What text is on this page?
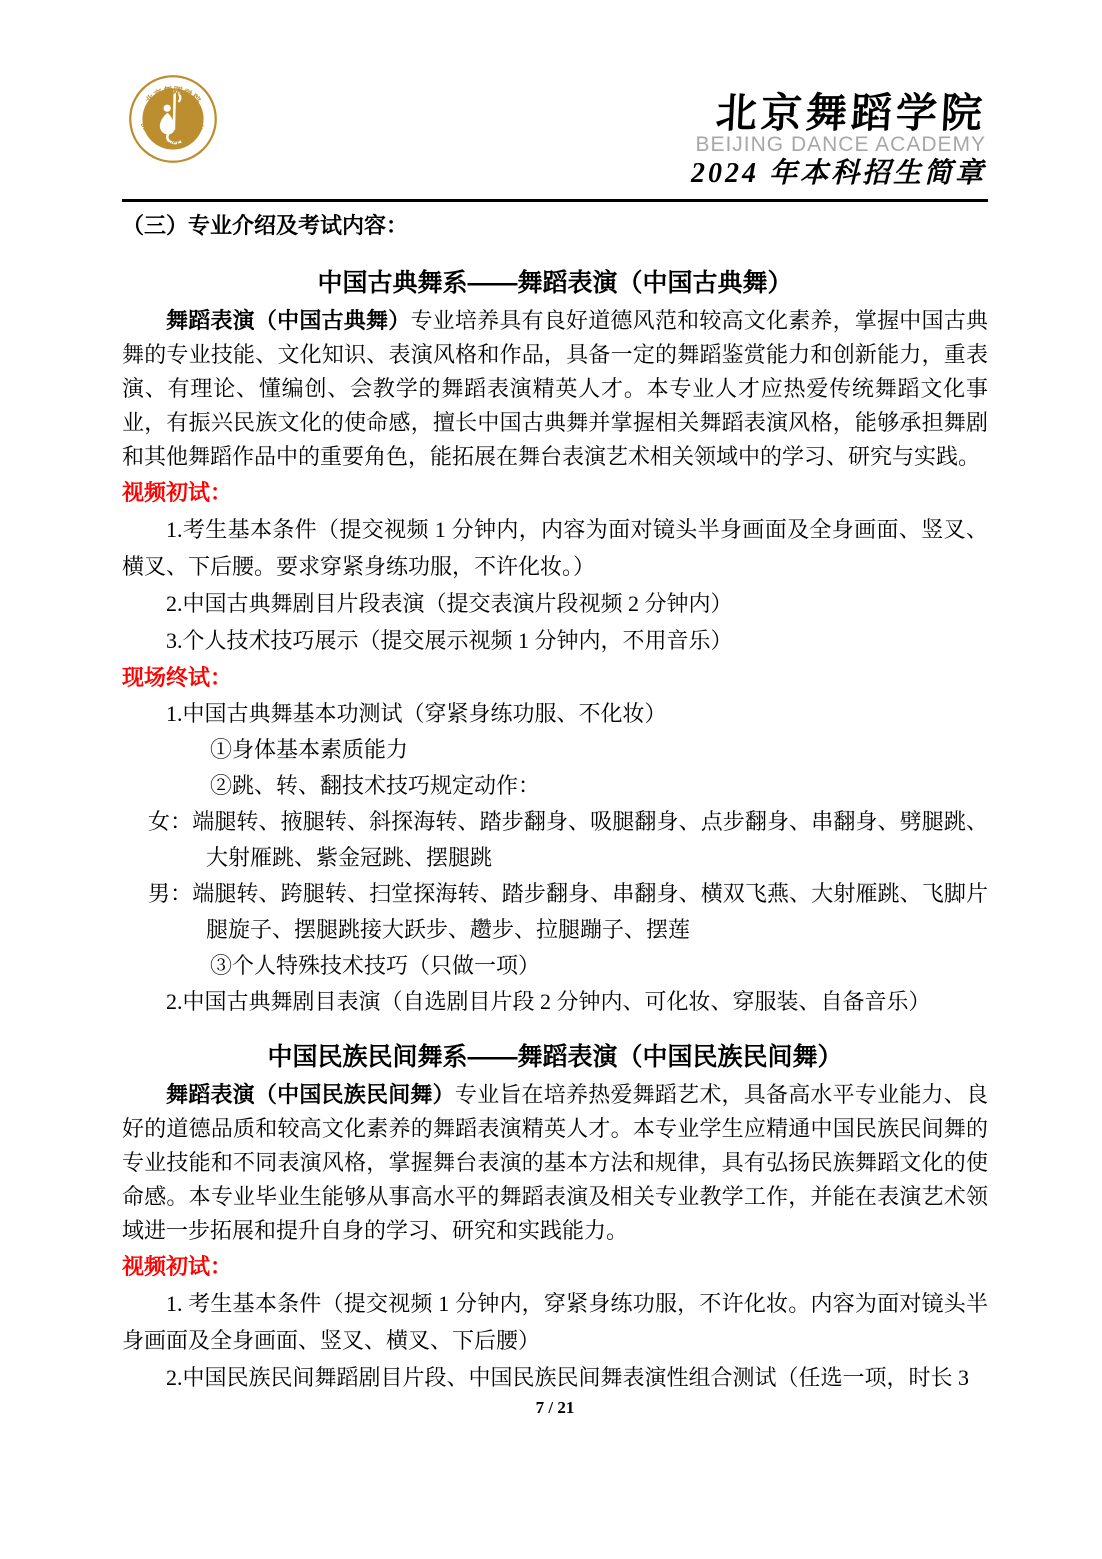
北京舞蹈学院
BEIJING DANCE ACADEMY	北京舞蹈学院
BEIJING DANCE ACADEMY
2024 年本科招生简章
（三）专业介绍及考试内容：
中国古典舞系——舞蹈表演（中国古典舞）

舞蹈表演（中国古典舞）专业培养具有良好道德风范和较高文化素养，掌握中国古典舞的专业技能、文化知识、表演风格和作品，具备一定的舞蹈鉴赏能力和创新能力，重表演、有理论、懂编创、会教学的舞蹈表演精英人才。本专业人才应热爱传统舞蹈文化事业，有振兴民族文化的使命感，擅长中国古典舞并掌握相关舞蹈表演风格，能够承担舞剧和其他舞蹈作品中的重要角色，能拓展在舞台表演艺术相关领域中的学习、研究与实践。

视频初试：

1.考生基本条件（提交视频 1 分钟内，内容为面对镜头半身画面及全身画面、竖叉、横叉、下后腰。要求穿紧身练功服，不许化妆。）

2.中国古典舞剧目片段表演（提交表演片段视频 2 分钟内）

3.个人技术技巧展示（提交展示视频 1 分钟内，不用音乐）

现场终试：

1.中国古典舞基本功测试（穿紧身练功服、不化妆）

①身体基本素质能力

②跳、转、翻技术技巧规定动作：

女：端腿转、掖腿转、斜探海转、踏步翻身、吸腿翻身、点步翻身、串翻身、劈腿跳、大射雁跳、紫金冠跳、摆腿跳

男：端腿转、跨腿转、扫堂探海转、踏步翻身、串翻身、横双飞燕、大射雁跳、飞脚片腿旋子、摆腿跳接大跃步、趱步、拉腿蹦子、摆莲

③个人特殊技术技巧（只做一项）

2.中国古典舞剧目表演（自选剧目片段 2 分钟内、可化妆、穿服装、自备音乐）

中国民族民间舞系——舞蹈表演（中国民族民间舞）

舞蹈表演（中国民族民间舞）专业旨在培养热爱舞蹈艺术，具备高水平专业能力、良好的道德品质和较高文化素养的舞蹈表演精英人才。本专业学生应精通中国民族民间舞的专业技能和不同表演风格，掌握舞台表演的基本方法和规律，具有弘扬民族舞蹈文化的使命感。本专业毕业生能够从事高水平的舞蹈表演及相关专业教学工作，并能在表演艺术领域进一步拓展和提升自身的学习、研究和实践能力。

视频初试：

1. 考生基本条件（提交视频 1 分钟内，穿紧身练功服，不许化妆。内容为面对镜头半身画面及全身画面、竖叉、横叉、下后腰）

2.中国民族民间舞蹈剧目片段、中国民族民间舞表演性组合测试（任选一项，时长 3

7 / 21
